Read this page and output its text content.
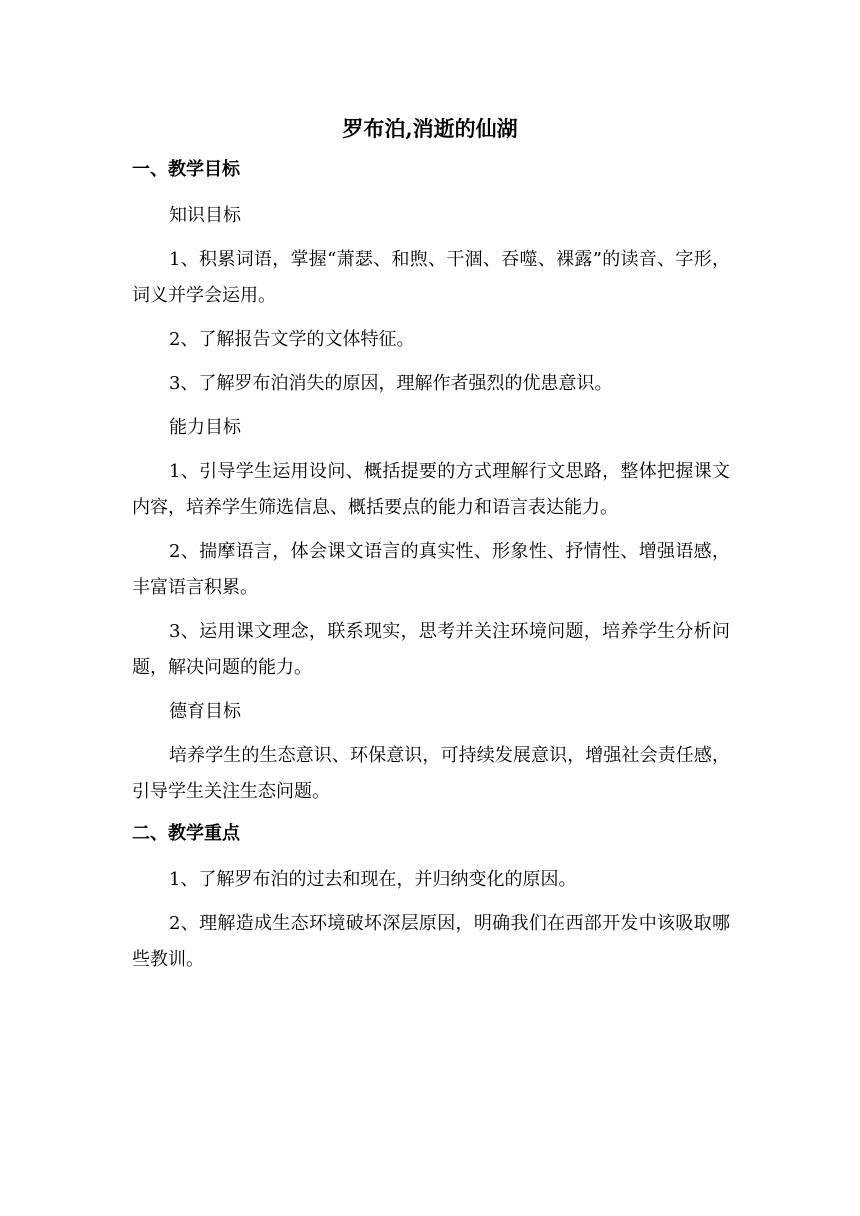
罗布泊,消逝的仙湖
一、教学目标
知识目标
1、积累词语，掌握“萧瑟、和煦、干涸、吞噬、裸露”的读音、字形，词义并学会运用。
2、了解报告文学的文体特征。
3、了解罗布泊消失的原因，理解作者强烈的优患意识。
能力目标
1、引导学生运用设问、概括提要的方式理解行文思路，整体把握课文内容，培养学生筛选信息、概括要点的能力和语言表达能力。
2、揣摩语言，体会课文语言的真实性、形象性、抒情性、增强语感，丰富语言积累。
3、运用课文理念，联系现实，思考并关注环境问题，培养学生分析问题，解决问题的能力。
德育目标
培养学生的生态意识、环保意识，可持续发展意识，增强社会责任感，引导学生关注生态问题。
二、教学重点
1、了解罗布泊的过去和现在，并归纳变化的原因。
2、理解造成生态环境破坏深层原因，明确我们在西部开发中该吸取哪些教训。
